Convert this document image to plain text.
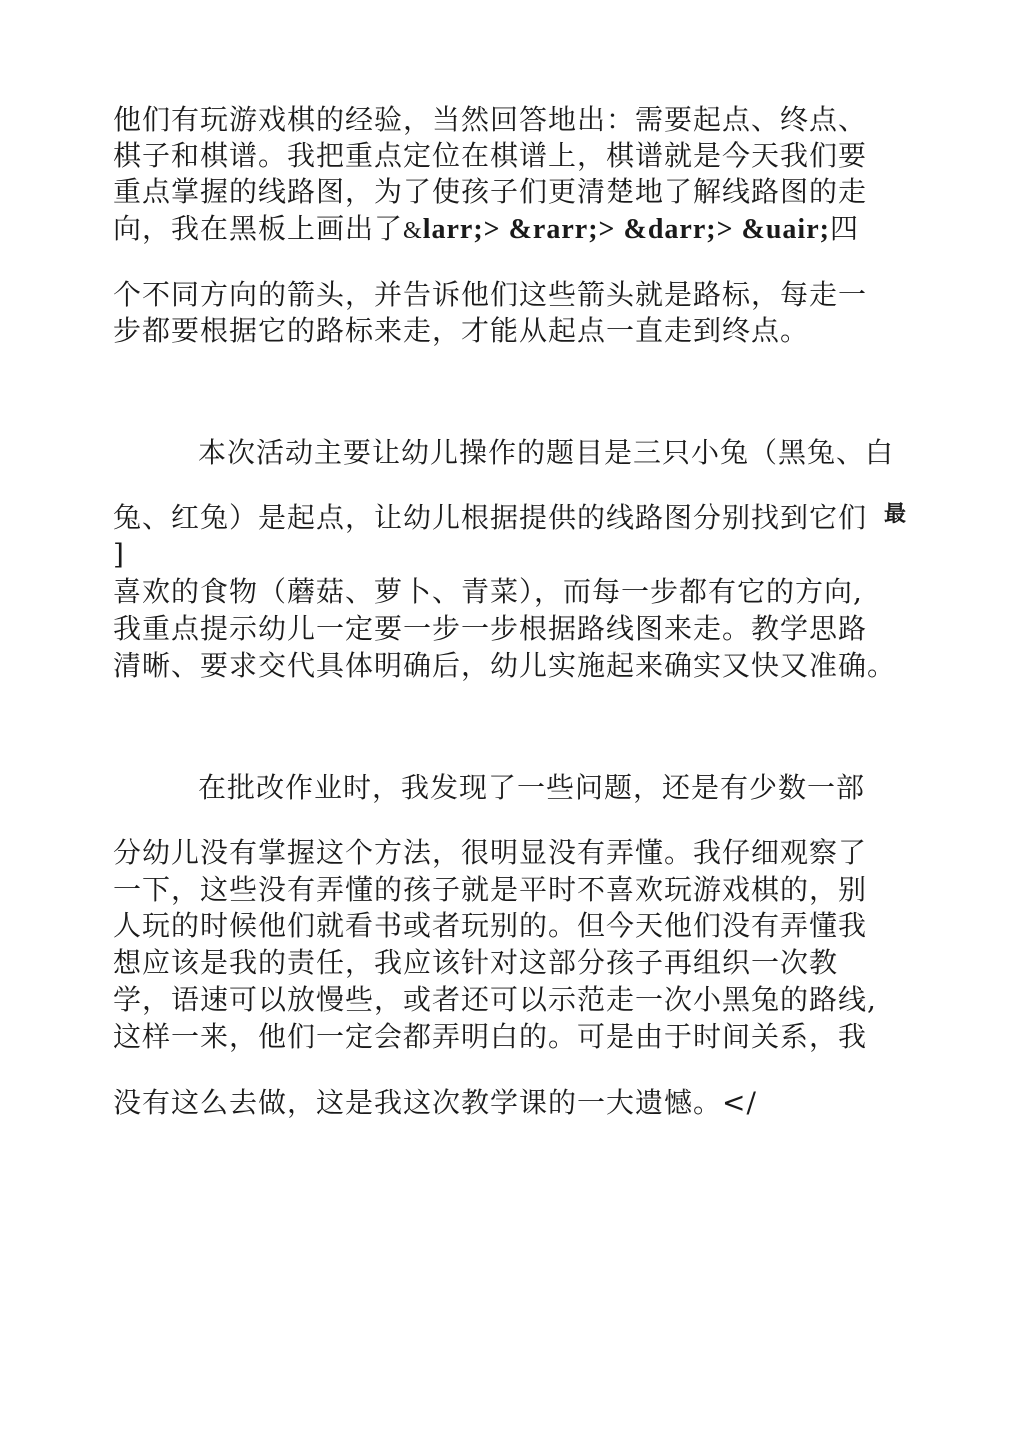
他们有玩游戏棋的经验，当然回答地出：需要起点、终点、
棋子和棋谱。我把重点定位在棋谱上，棋谱就是今天我们要
重点掌握的线路图，为了使孩子们更清楚地了解线路图的走
向，我在黑板上画出了&larr;> &rarr;> &darr;> &uair;四
个不同方向的箭头，并告诉他们这些箭头就是路标，每走一
步都要根据它的路标来走，才能从起点一直走到终点。
本次活动主要让幼儿操作的题目是三只小兔（黑兔、白
兔、红兔）是起点，让幼儿根据提供的线路图分别找到它们 最
]
喜欢的食物（蘑菇、萝卜、青菜），而每一步都有它的方向,
我重点提示幼儿一定要一步一步根据路线图来走。教学思路
清晰、要求交代具体明确后，幼儿实施起来确实又快又准确。
在批改作业时，我发现了一些问题，还是有少数一部
分幼儿没有掌握这个方法，很明显没有弄懂。我仔细观察了
一下，这些没有弄懂的孩子就是平时不喜欢玩游戏棋的，别
人玩的时候他们就看书或者玩别的。但今天他们没有弄懂我
想应该是我的责任，我应该针对这部分孩子再组织一次教
学，语速可以放慢些，或者还可以示范走一次小黑兔的路线,
这样一来，他们一定会都弄明白的。可是由于时间关系，我
没有这么去做，这是我这次教学课的一大遗憾。</
